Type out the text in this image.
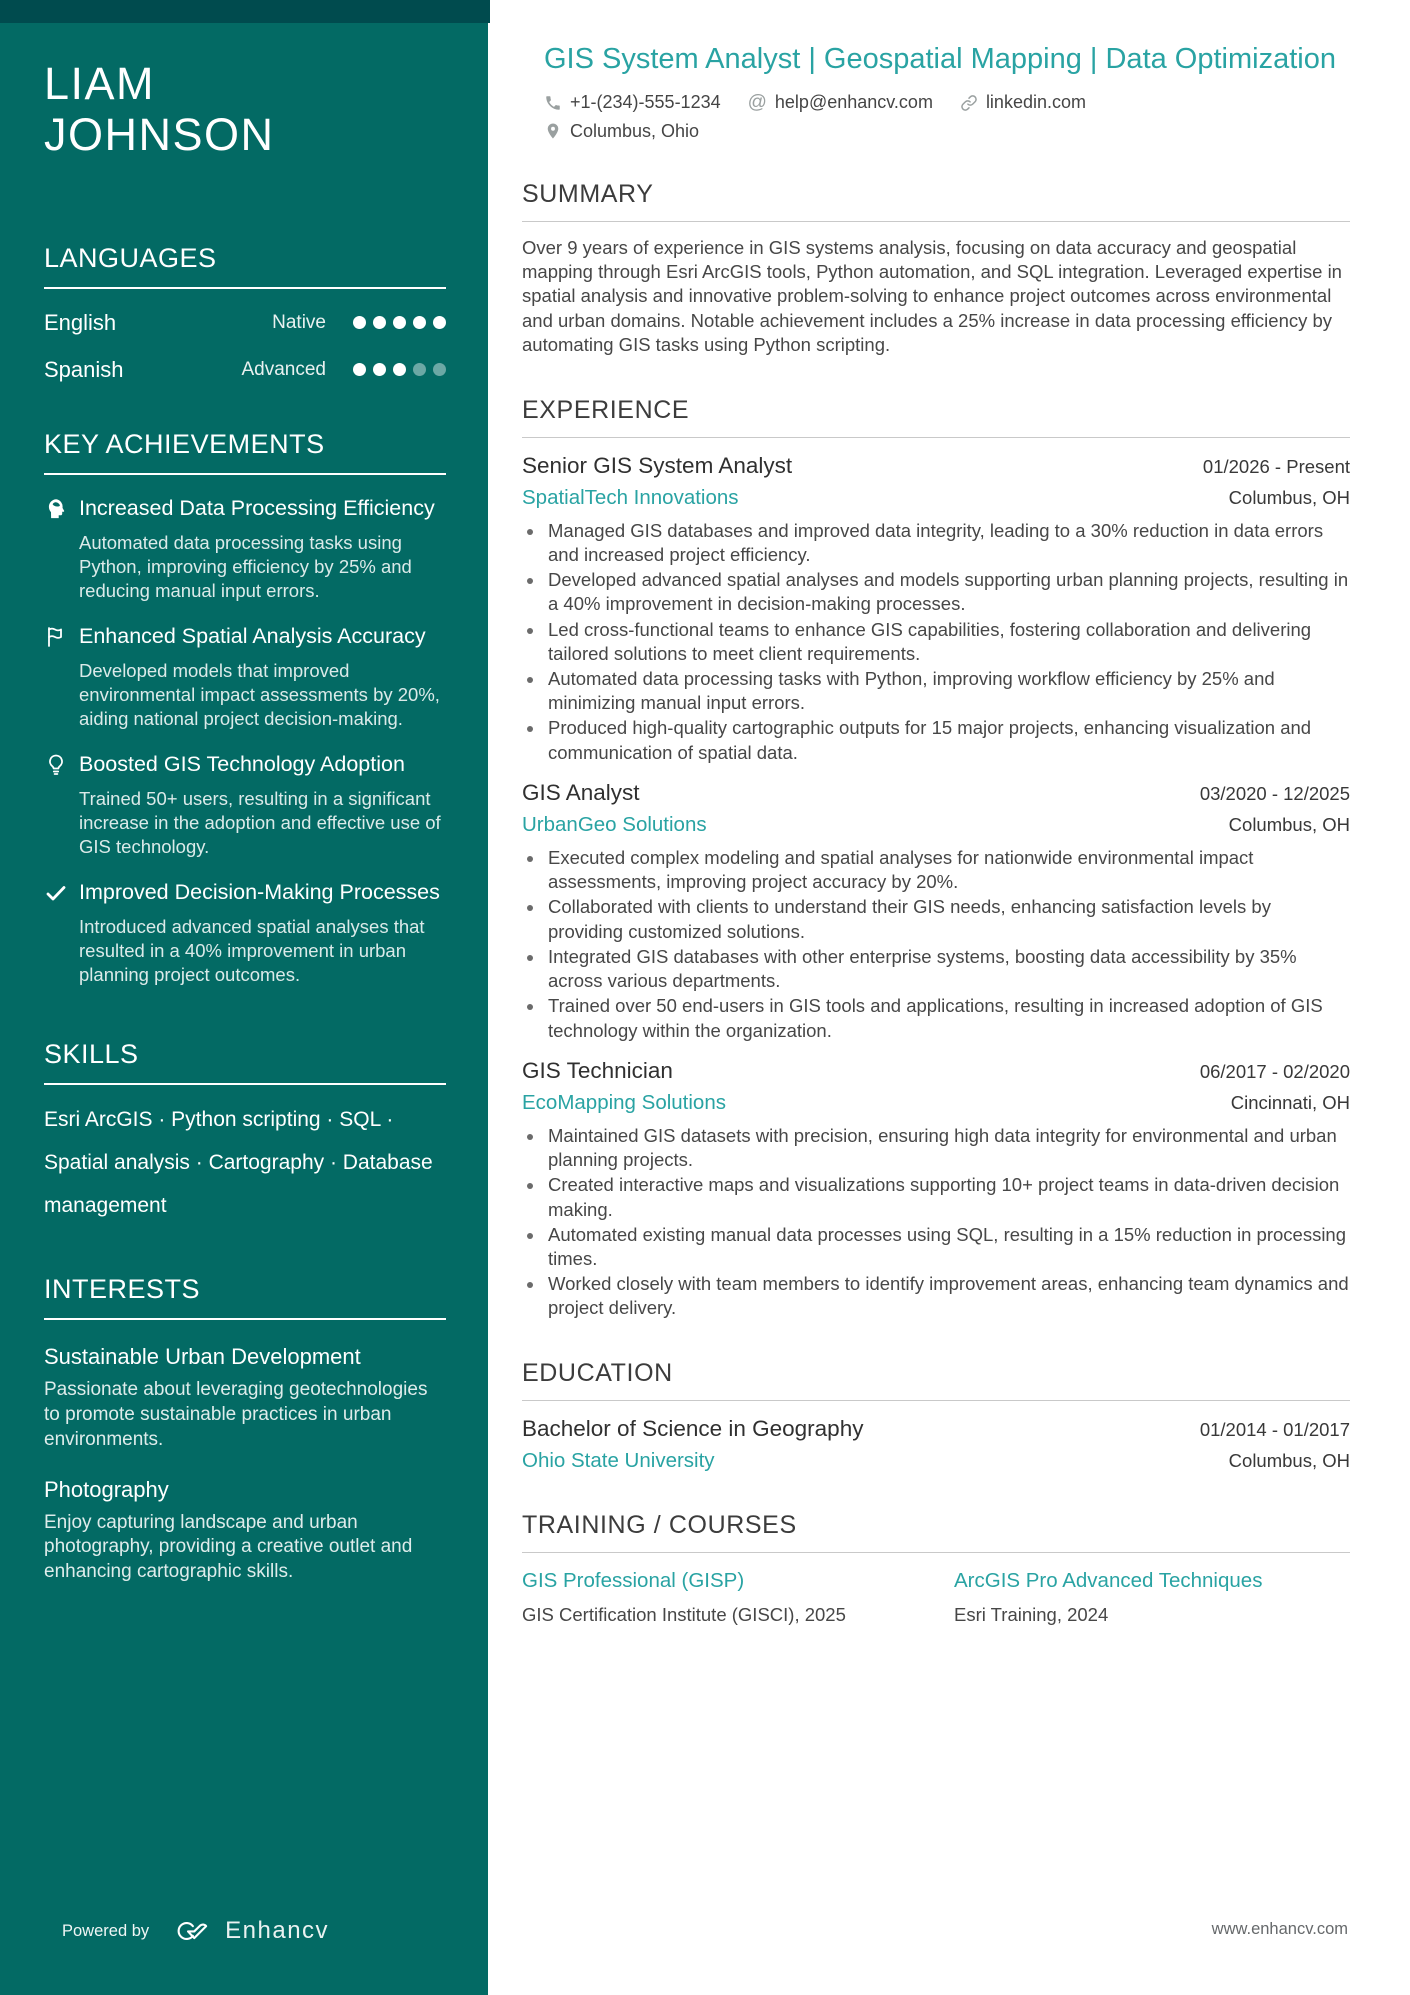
LIAM
JOHNSON
LANGUAGES
English	Native
Spanish	Advanced
KEY ACHIEVEMENTS
Increased Data Processing Efficiency
Automated data processing tasks using Python, improving efficiency by 25% and reducing manual input errors.
Enhanced Spatial Analysis Accuracy
Developed models that improved environmental impact assessments by 20%, aiding national project decision-making.
Boosted GIS Technology Adoption
Trained 50+ users, resulting in a significant increase in the adoption and effective use of GIS technology.
Improved Decision-Making Processes
Introduced advanced spatial analyses that resulted in a 40% improvement in urban planning project outcomes.
SKILLS
Esri ArcGIS · Python scripting · SQL · Spatial analysis · Cartography · Database management
INTERESTS
Sustainable Urban Development
Passionate about leveraging geotechnologies to promote sustainable practices in urban environments.
Photography
Enjoy capturing landscape and urban photography, providing a creative outlet and enhancing cartographic skills.
Powered by	Enhancv
GIS System Analyst | Geospatial Mapping | Data Optimization
+1-(234)-555-1234 @ help@enhancv.com	linkedin.com
Columbus, Ohio
SUMMARY

Over 9 years of experience in GIS systems analysis, focusing on data accuracy and geospatial mapping through Esri ArcGIS tools, Python automation, and SQL integration. Leveraged expertise in spatial analysis and innovative problem-solving to enhance project outcomes across environmental and urban domains. Notable achievement includes a 25% increase in data processing efficiency by automating GIS tasks using Python scripting.

EXPERIENCE
Senior GIS System Analyst	01/2026 - Present
SpatialTech Innovations	Columbus, OH
• Managed GIS databases and improved data integrity, leading to a 30% reduction in data errors and increased project efficiency.
• Developed advanced spatial analyses and models supporting urban planning projects, resulting in a 40% improvement in decision-making processes.
• Led cross-functional teams to enhance GIS capabilities, fostering collaboration and delivering tailored solutions to meet client requirements.
• Automated data processing tasks with Python, improving workflow efficiency by 25% and minimizing manual input errors.
• Produced high-quality cartographic outputs for 15 major projects, enhancing visualization and communication of spatial data.
GIS Analyst	03/2020 - 12/2025
UrbanGeo Solutions	Columbus, OH
• Executed complex modeling and spatial analyses for nationwide environmental impact assessments, improving project accuracy by 20%.
• Collaborated with clients to understand their GIS needs, enhancing satisfaction levels by providing customized solutions.
• Integrated GIS databases with other enterprise systems, boosting data accessibility by 35% across various departments.
• Trained over 50 end-users in GIS tools and applications, resulting in increased adoption of GIS technology within the organization.
GIS Technician	06/2017 - 02/2020
EcoMapping Solutions	Cincinnati, OH
• Maintained GIS datasets with precision, ensuring high data integrity for environmental and urban planning projects.
• Created interactive maps and visualizations supporting 10+ project teams in data-driven decision making.
• Automated existing manual data processes using SQL, resulting in a 15% reduction in processing times.
• Worked closely with team members to identify improvement areas, enhancing team dynamics and project delivery.
EDUCATION
Bachelor of Science in Geography	01/2014 - 01/2017
Ohio State University	Columbus, OH
TRAINING / COURSES
GIS Professional (GISP)
GIS Certification Institute (GISCI), 2025
ArcGIS Pro Advanced Techniques
Esri Training, 2024
www.enhancv.com
